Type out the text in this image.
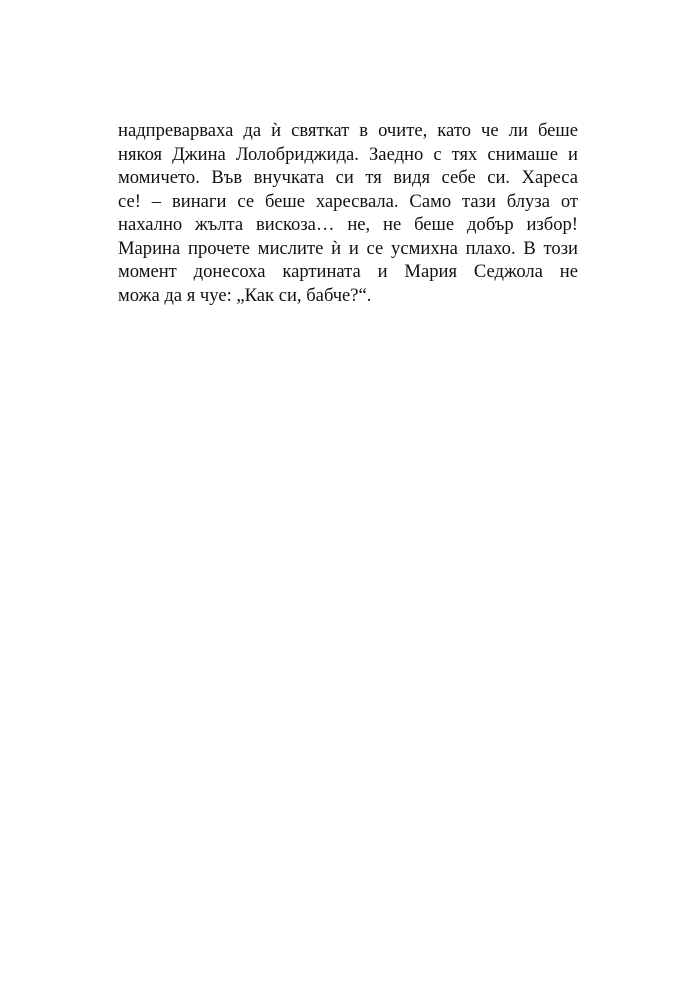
надпреварваха да ѝ святкат в очите, като че ли беше
някоя Джина Лолобриджида. Заедно с тях снимаше и
момичето. Във внучката си тя видя себе си. Хареса
се! – винаги се беше харесвала. Само тази блуза от
нахално жълта вискоза… не, не беше добър избор!
Марина прочете мислите ѝ и се усмихна плахо. В този
момент донесоха картината и Мария Седжола не
можа да я чуе: „Как си, бабче?“.
